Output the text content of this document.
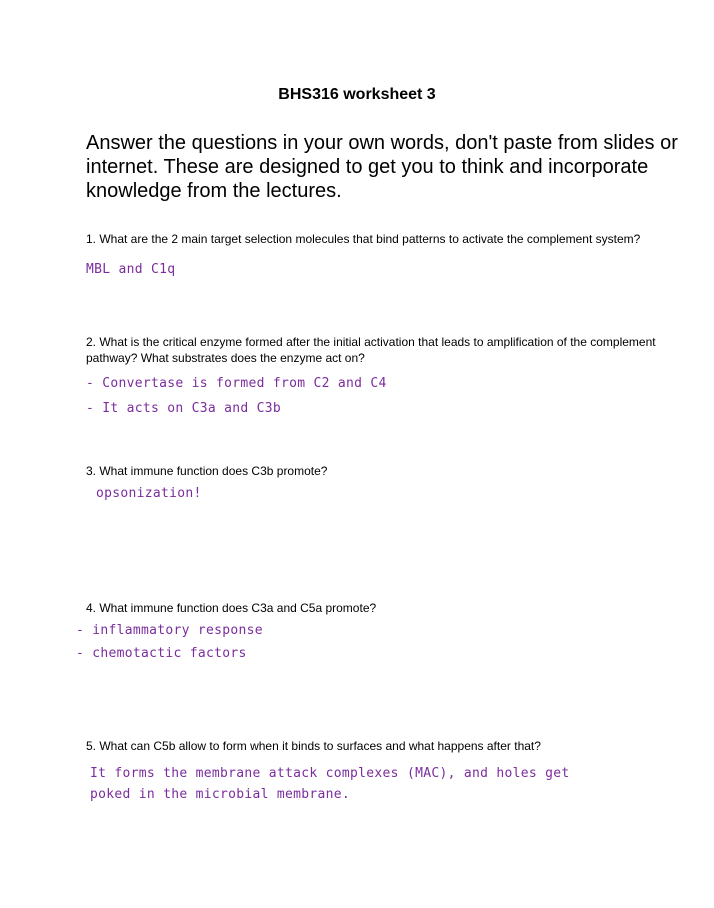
BHS316 worksheet 3
Answer the questions in your own words, don't paste from slides or internet. These are designed to get you to think and incorporate knowledge from the lectures.
1. What are the 2 main target selection molecules that bind patterns to activate the complement system?
MBL and C1q
2. What is the critical enzyme formed after the initial activation that leads to amplification of the complement pathway? What substrates does the enzyme act on?
- Convertase is formed from C2 and C4
- It acts on C3a and C3b
3. What immune function does C3b promote?
opsonization!
4. What immune function does C3a and C5a promote?
- inflammatory response
- chemotactic factors
5. What can C5b allow to form when it binds to surfaces and what happens after that?
It forms the membrane attack complexes (MAC), and holes get
poked in the microbial membrane.
